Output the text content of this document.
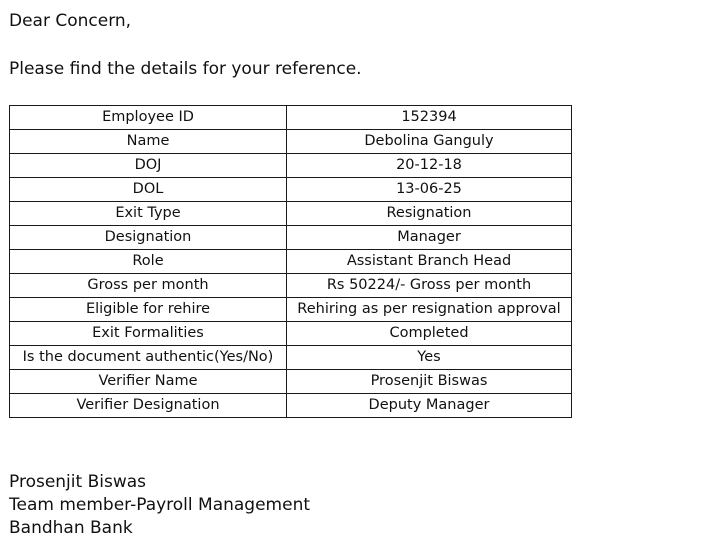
Dear Concern,
Please find the details for your reference.
Employee ID	152394
Name	Debolina Ganguly
DOJ	20-12-18
DOL	13-06-25
Exit Type	Resignation
Designation	Manager
Role	Assistant Branch Head
Gross per month	Rs 50224/- Gross per month
Eligible for rehire	Rehiring as per resignation approval
Exit Formalities	Completed
Is the document authentic(Yes/No)	Yes
Verifier Name	Prosenjit Biswas
Verifier Designation	Deputy Manager
Prosenjit Biswas
Team member-Payroll Management
Bandhan Bank
